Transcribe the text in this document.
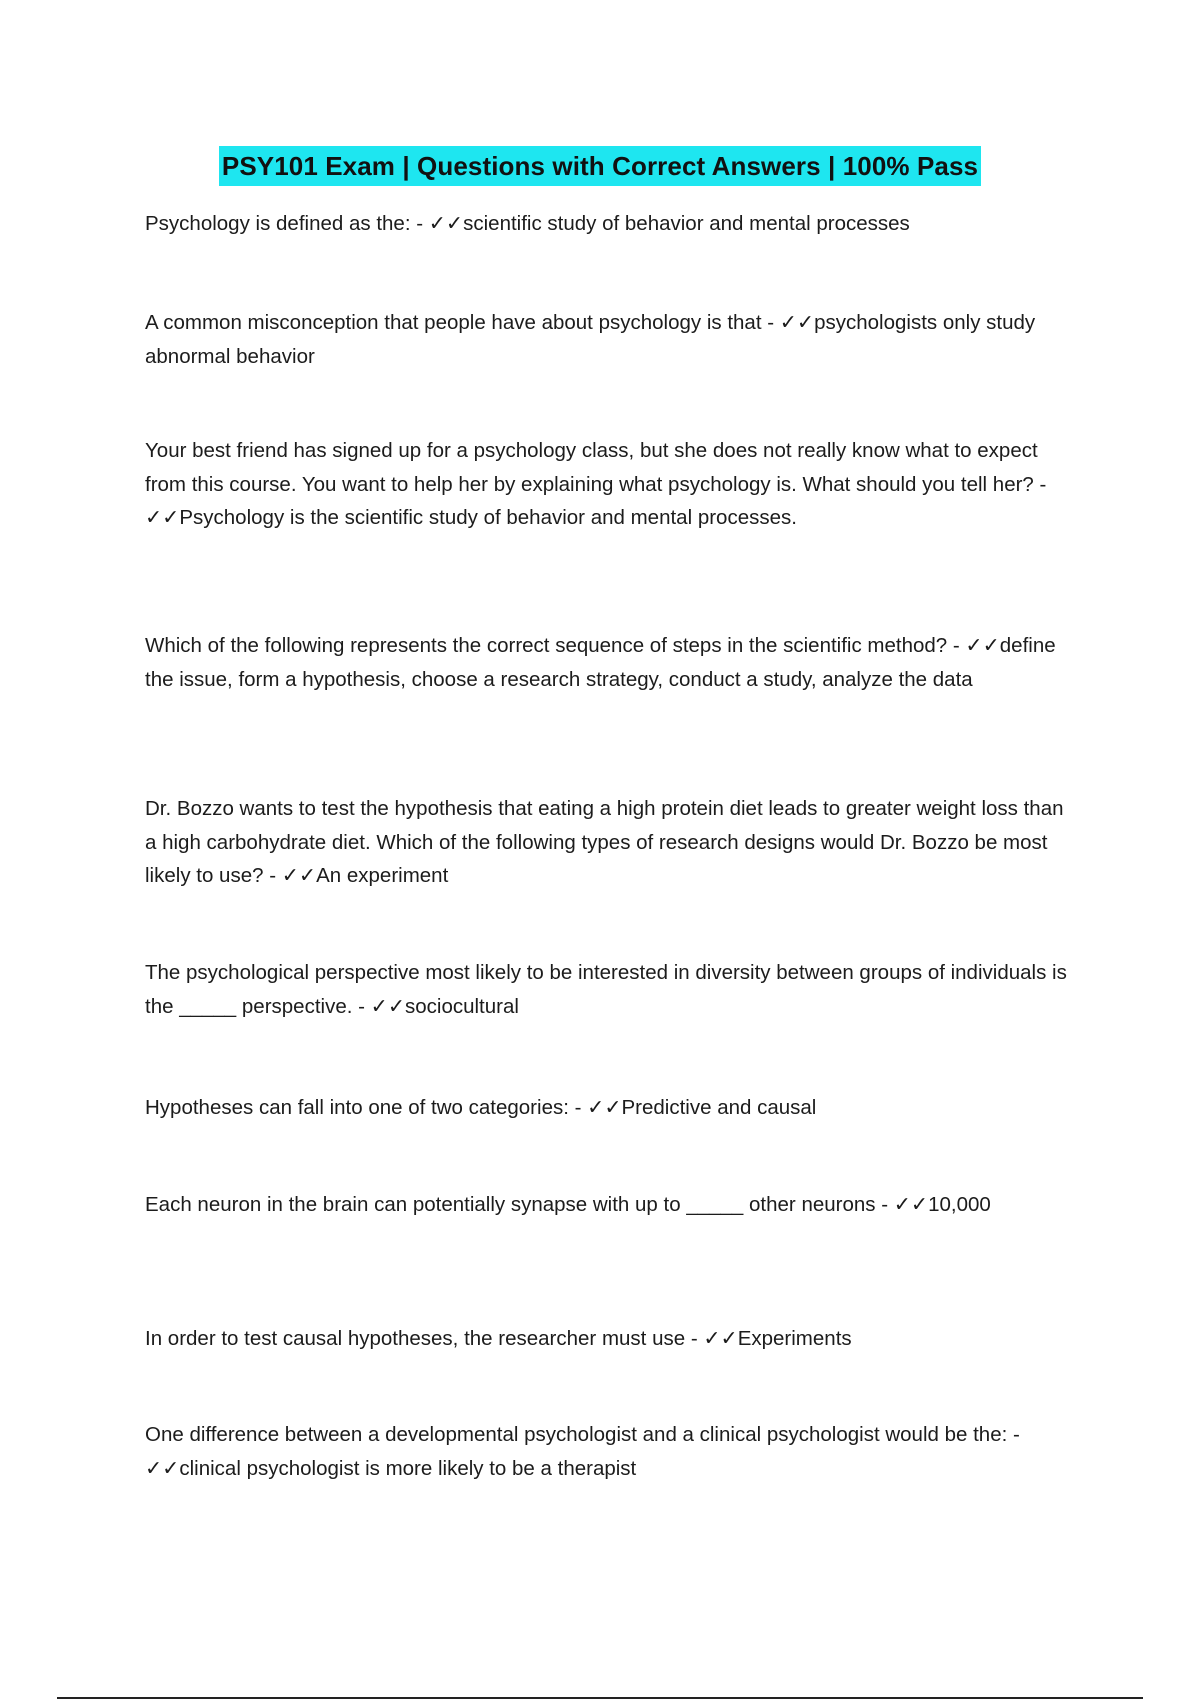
PSY101 Exam | Questions with Correct Answers | 100% Pass

Psychology is defined as the: - ✓✓scientific study of behavior and mental processes

A common misconception that people have about psychology is that - ✓✓psychologists only study abnormal behavior

Your best friend has signed up for a psychology class, but she does not really know what to expect from this course. You want to help her by explaining what psychology is. What should you tell her? - ✓✓Psychology is the scientific study of behavior and mental processes.

Which of the following represents the correct sequence of steps in the scientific method? - ✓✓define the issue, form a hypothesis, choose a research strategy, conduct a study, analyze the data

Dr. Bozzo wants to test the hypothesis that eating a high protein diet leads to greater weight loss than a high carbohydrate diet. Which of the following types of research designs would Dr. Bozzo be most likely to use? - ✓✓An experiment

The psychological perspective most likely to be interested in diversity between groups of individuals is the _____ perspective. - ✓✓sociocultural

Hypotheses can fall into one of two categories: - ✓✓Predictive and causal

Each neuron in the brain can potentially synapse with up to _____ other neurons - ✓✓10,000

In order to test causal hypotheses, the researcher must use - ✓✓Experiments

One difference between a developmental psychologist and a clinical psychologist would be the: - ✓✓clinical psychologist is more likely to be a therapist
